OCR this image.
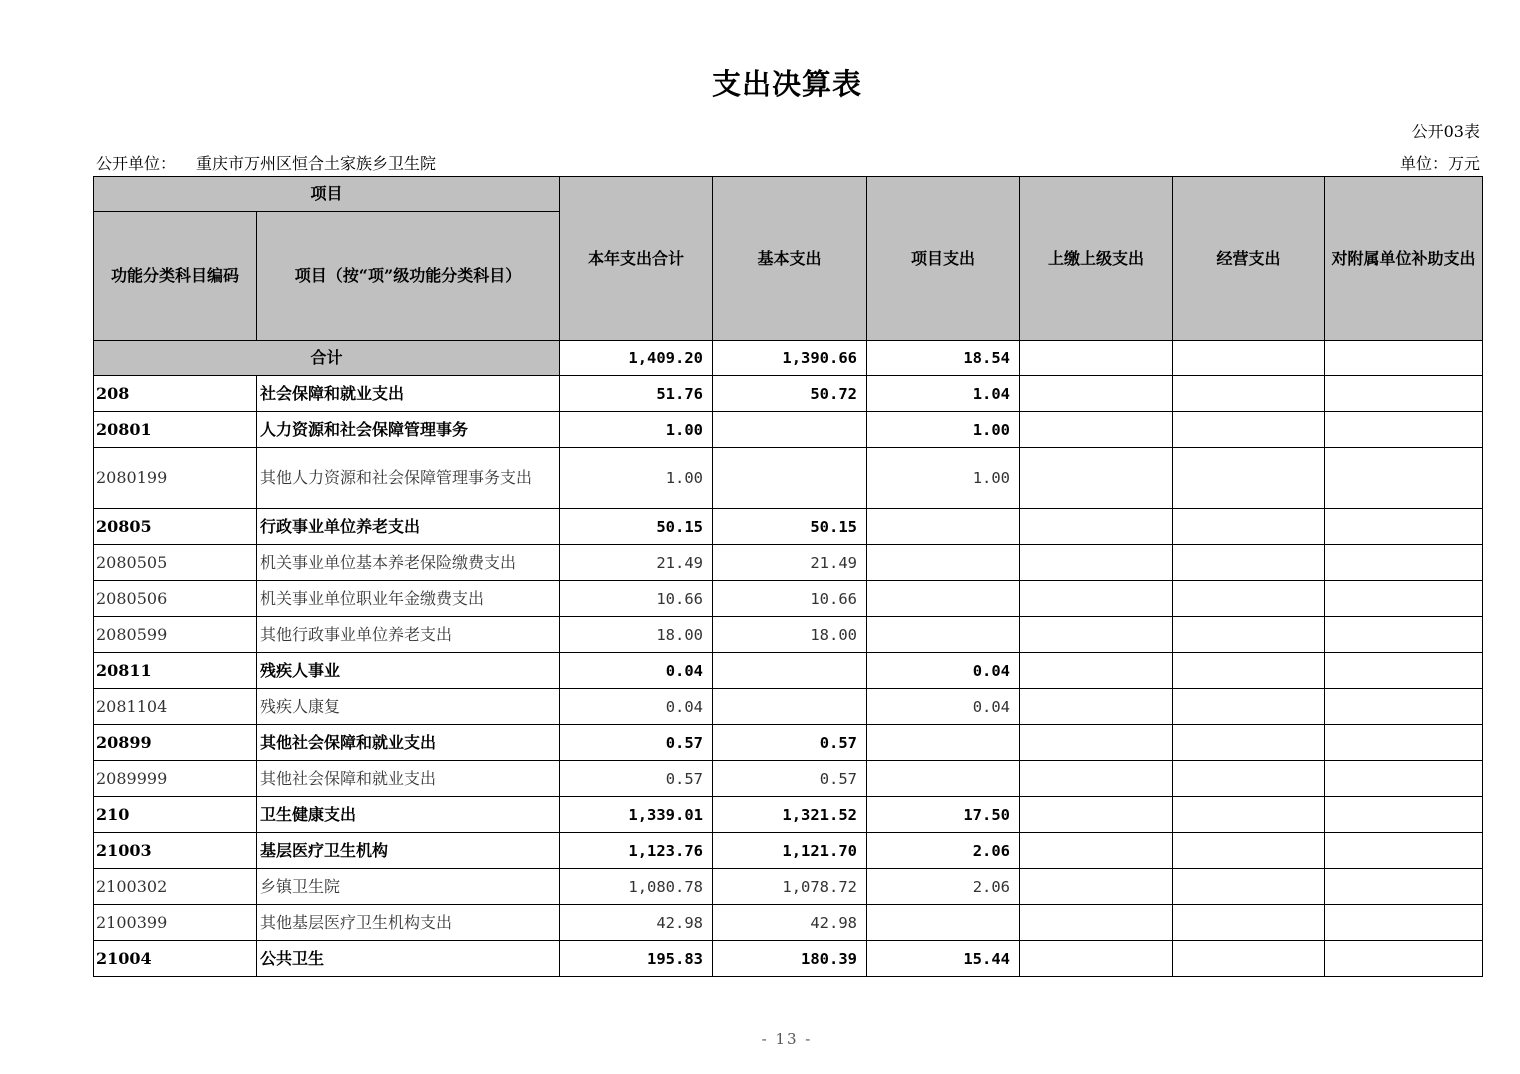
支出决算表
公开03表
公开单位： 重庆市万州区恒合土家族乡卫生院	单位：万元
项目		本年支出合计	基本支出	项目支出	上缴上级支出	经营支出	对附属单位补助支出
功能分类科目编码	项目（按“项”级功能分类科目）						
合计		1,409.20	1,390.66	18.54			
208	社会保障和就业支出	51.76	50.72	1.04			
20801	人力资源和社会保障管理事务	1.00		1.00			
2080199	其他人力资源和社会保障管理事务支出	1.00		1.00			
20805	行政事业单位养老支出	50.15	50.15				
2080505	机关事业单位基本养老保险缴费支出	21.49	21.49				
2080506	机关事业单位职业年金缴费支出	10.66	10.66				
2080599	其他行政事业单位养老支出	18.00	18.00				
20811	残疾人事业	0.04		0.04			
2081104	残疾人康复	0.04		0.04			
20899	其他社会保障和就业支出	0.57	0.57				
2089999	其他社会保障和就业支出	0.57	0.57				
210	卫生健康支出	1,339.01	1,321.52	17.50			
21003	基层医疗卫生机构	1,123.76	1,121.70	2.06			
2100302	乡镇卫生院	1,080.78	1,078.72	2.06			
2100399	其他基层医疗卫生机构支出	42.98	42.98				
21004	公共卫生	195.83	180.39	15.44			
- 13 -
